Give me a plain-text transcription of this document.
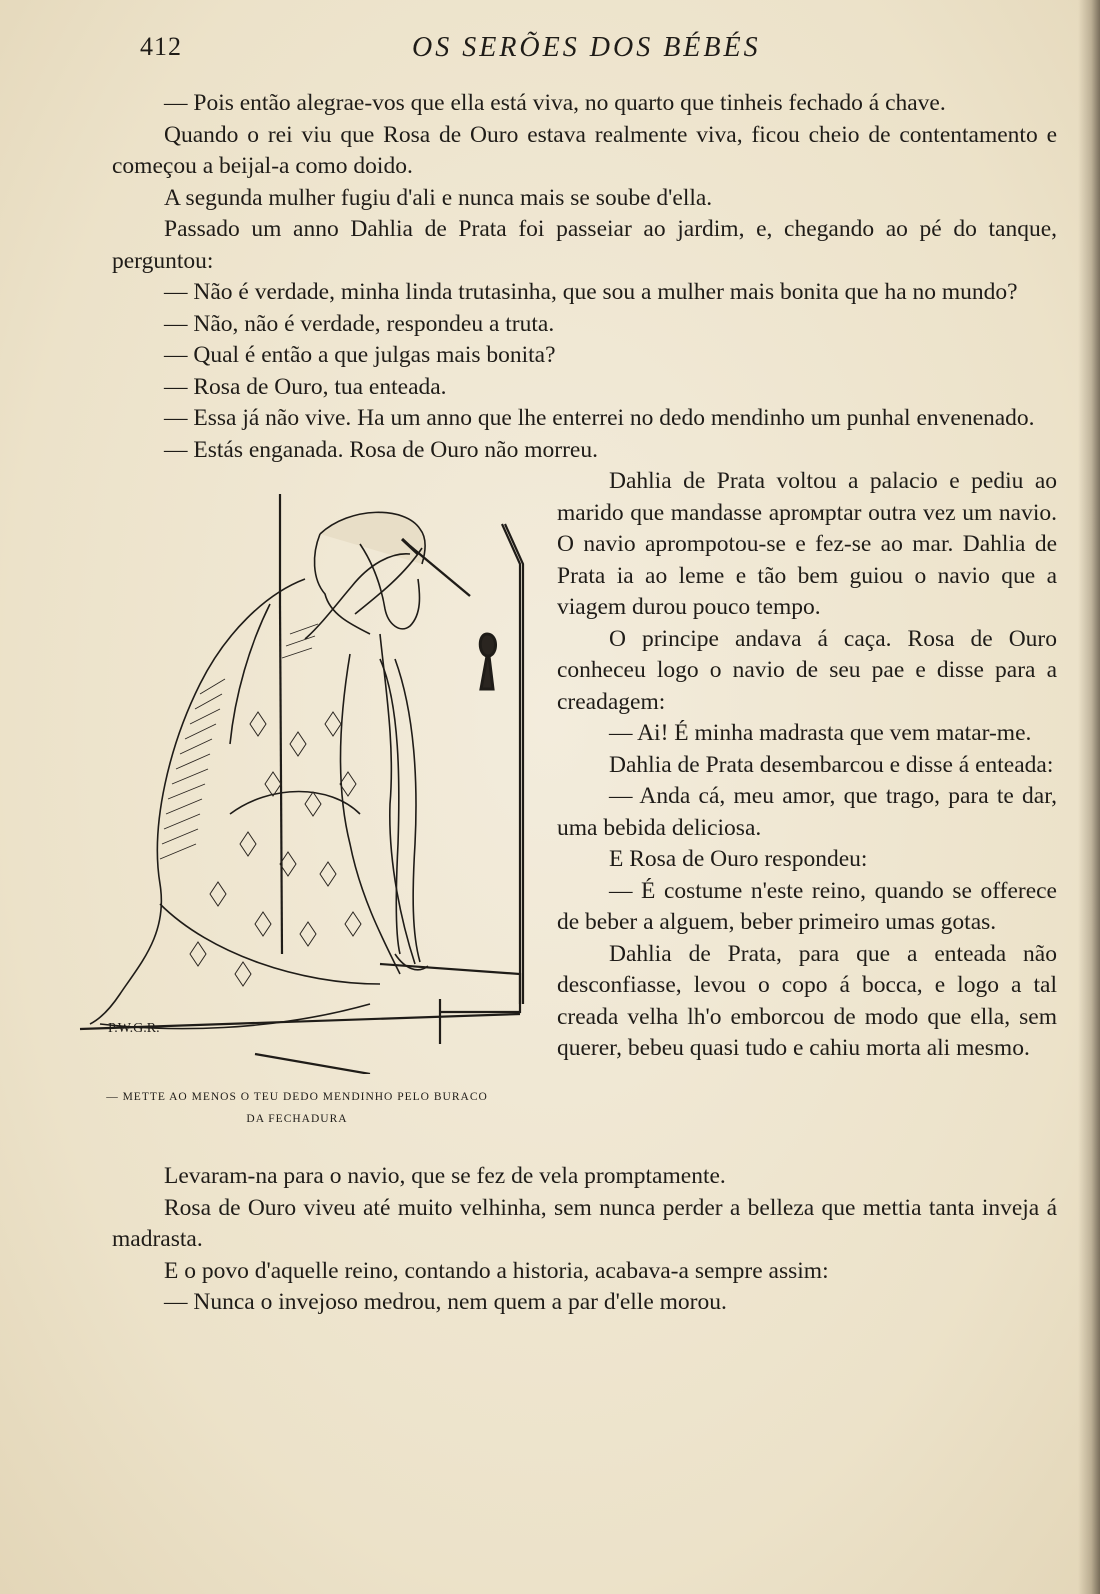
412	OS SERÕES DOS BÉBÉS

— Pois então alegrae-vos que ella está viva, no quarto que tinheis fechado á chave.

Quando o rei viu que Rosa de Ouro estava realmente viva, ficou cheio de contentamento e começou a beijal-a como doido.

A segunda mulher fugiu d'ali e nunca mais se soube d'ella.

Passado um anno Dahlia de Prata foi passeiar ao jardim, e, chegando ao pé do tanque, perguntou:

— Não é verdade, minha linda trutasinha, que sou a mulher mais bonita que ha no mundo?

— Não, não é verdade, respondeu a truta.

— Qual é então a que julgas mais bonita?

— Rosa de Ouro, tua enteada.

— Essa já não vive. Ha um anno que lhe enterrei no dedo mendinho um punhal envenenado.

— Estás enganada. Rosa de Ouro não morreu.

P.W.G.R.
— METTE AO MENOS O TEU DEDO MENDINHO PELO BURACO
DA FECHADURA

Dahlia de Prata voltou a palacio e pediu ao marido que mandasse aprомptar outra vez um navio. O navio aprompotou-se e fez-se ao mar. Dahlia de Prata ia ao leme e tão bem guiou o navio que a viagem durou pouco tempo.

O principe andava á caça. Rosa de Ouro conheceu logo o navio de seu pae e disse para a creadagem:

— Ai! É minha madrasta que vem matar-me.

Dahlia de Prata desembarcou e disse á enteada:

— Anda cá, meu amor, que trago, para te dar, uma bebida deliciosa.

E Rosa de Ouro respondeu:

— É costume n'este reino, quando se offerece de beber a alguem, beber primeiro umas gotas.

Dahlia de Prata, para que a enteada não desconfiasse, levou o copo á bocca, e logo a tal creada velha lh'o emborcou de modo que ella, sem querer, bebeu quasi tudo e cahiu morta ali mesmo.

Levaram-na para o navio, que se fez de vela promptamente.

Rosa de Ouro viveu até muito velhinha, sem nunca perder a belleza que mettia tanta inveja á madrasta.

E o povo d'aquelle reino, contando a historia, acabava-a sempre assim:

— Nunca o invejoso medrou, nem quem a par d'elle morou.
